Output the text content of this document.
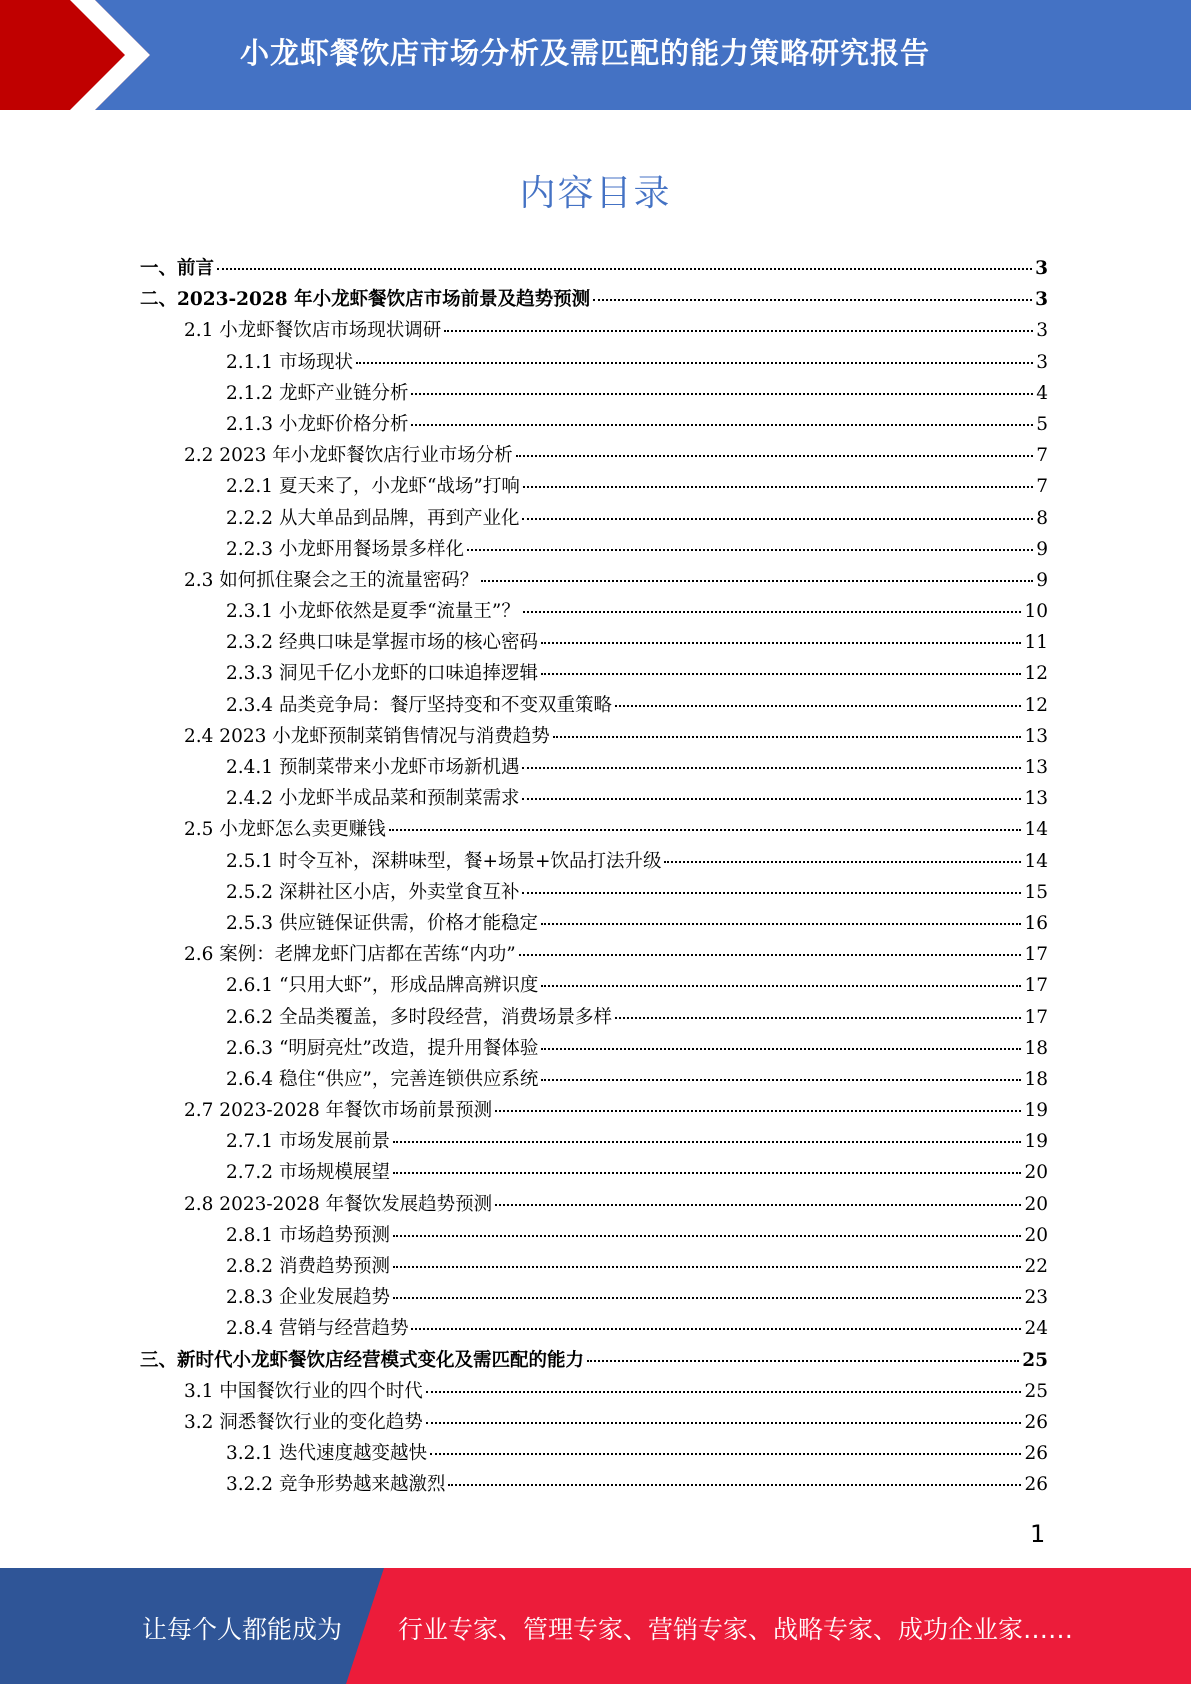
小龙虾餐饮店市场分析及需匹配的能力策略研究报告
内容目录
一、前言	3
二、2023-2028 年小龙虾餐饮店市场前景及趋势预测	3
2.1 小龙虾餐饮店市场现状调研	3
2.1.1 市场现状	3
2.1.2 龙虾产业链分析	4
2.1.3 小龙虾价格分析	5
2.2 2023 年小龙虾餐饮店行业市场分析	7
2.2.1 夏天来了，小龙虾“战场”打响	7
2.2.2 从大单品到品牌，再到产业化	8
2.2.3 小龙虾用餐场景多样化	9
2.3 如何抓住聚会之王的流量密码？	9
2.3.1 小龙虾依然是夏季“流量王”？	10
2.3.2 经典口味是掌握市场的核心密码	11
2.3.3 洞见千亿小龙虾的口味追捧逻辑	12
2.3.4 品类竞争局：餐厅坚持变和不变双重策略	12
2.4 2023 小龙虾预制菜销售情况与消费趋势	13
2.4.1 预制菜带来小龙虾市场新机遇	13
2.4.2 小龙虾半成品菜和预制菜需求	13
2.5 小龙虾怎么卖更赚钱	14
2.5.1 时令互补，深耕味型，餐+场景+饮品打法升级	14
2.5.2 深耕社区小店，外卖堂食互补	15
2.5.3 供应链保证供需，价格才能稳定	16
2.6 案例：老牌龙虾门店都在苦练“内功”	17
2.6.1 “只用大虾”，形成品牌高辨识度	17
2.6.2 全品类覆盖，多时段经营，消费场景多样	17
2.6.3 “明厨亮灶”改造，提升用餐体验	18
2.6.4 稳住“供应”，完善连锁供应系统	18
2.7 2023-2028 年餐饮市场前景预测	19
2.7.1 市场发展前景	19
2.7.2 市场规模展望	20
2.8 2023-2028 年餐饮发展趋势预测	20
2.8.1 市场趋势预测	20
2.8.2 消费趋势预测	22
2.8.3 企业发展趋势	23
2.8.4 营销与经营趋势	24
三、新时代小龙虾餐饮店经营模式变化及需匹配的能力	25
3.1 中国餐饮行业的四个时代	25
3.2 洞悉餐饮行业的变化趋势	26
3.2.1 迭代速度越变越快	26
3.2.2 竞争形势越来越激烈	26
1
让每个人都能成为 行业专家、管理专家、营销专家、战略专家、成功企业家……
